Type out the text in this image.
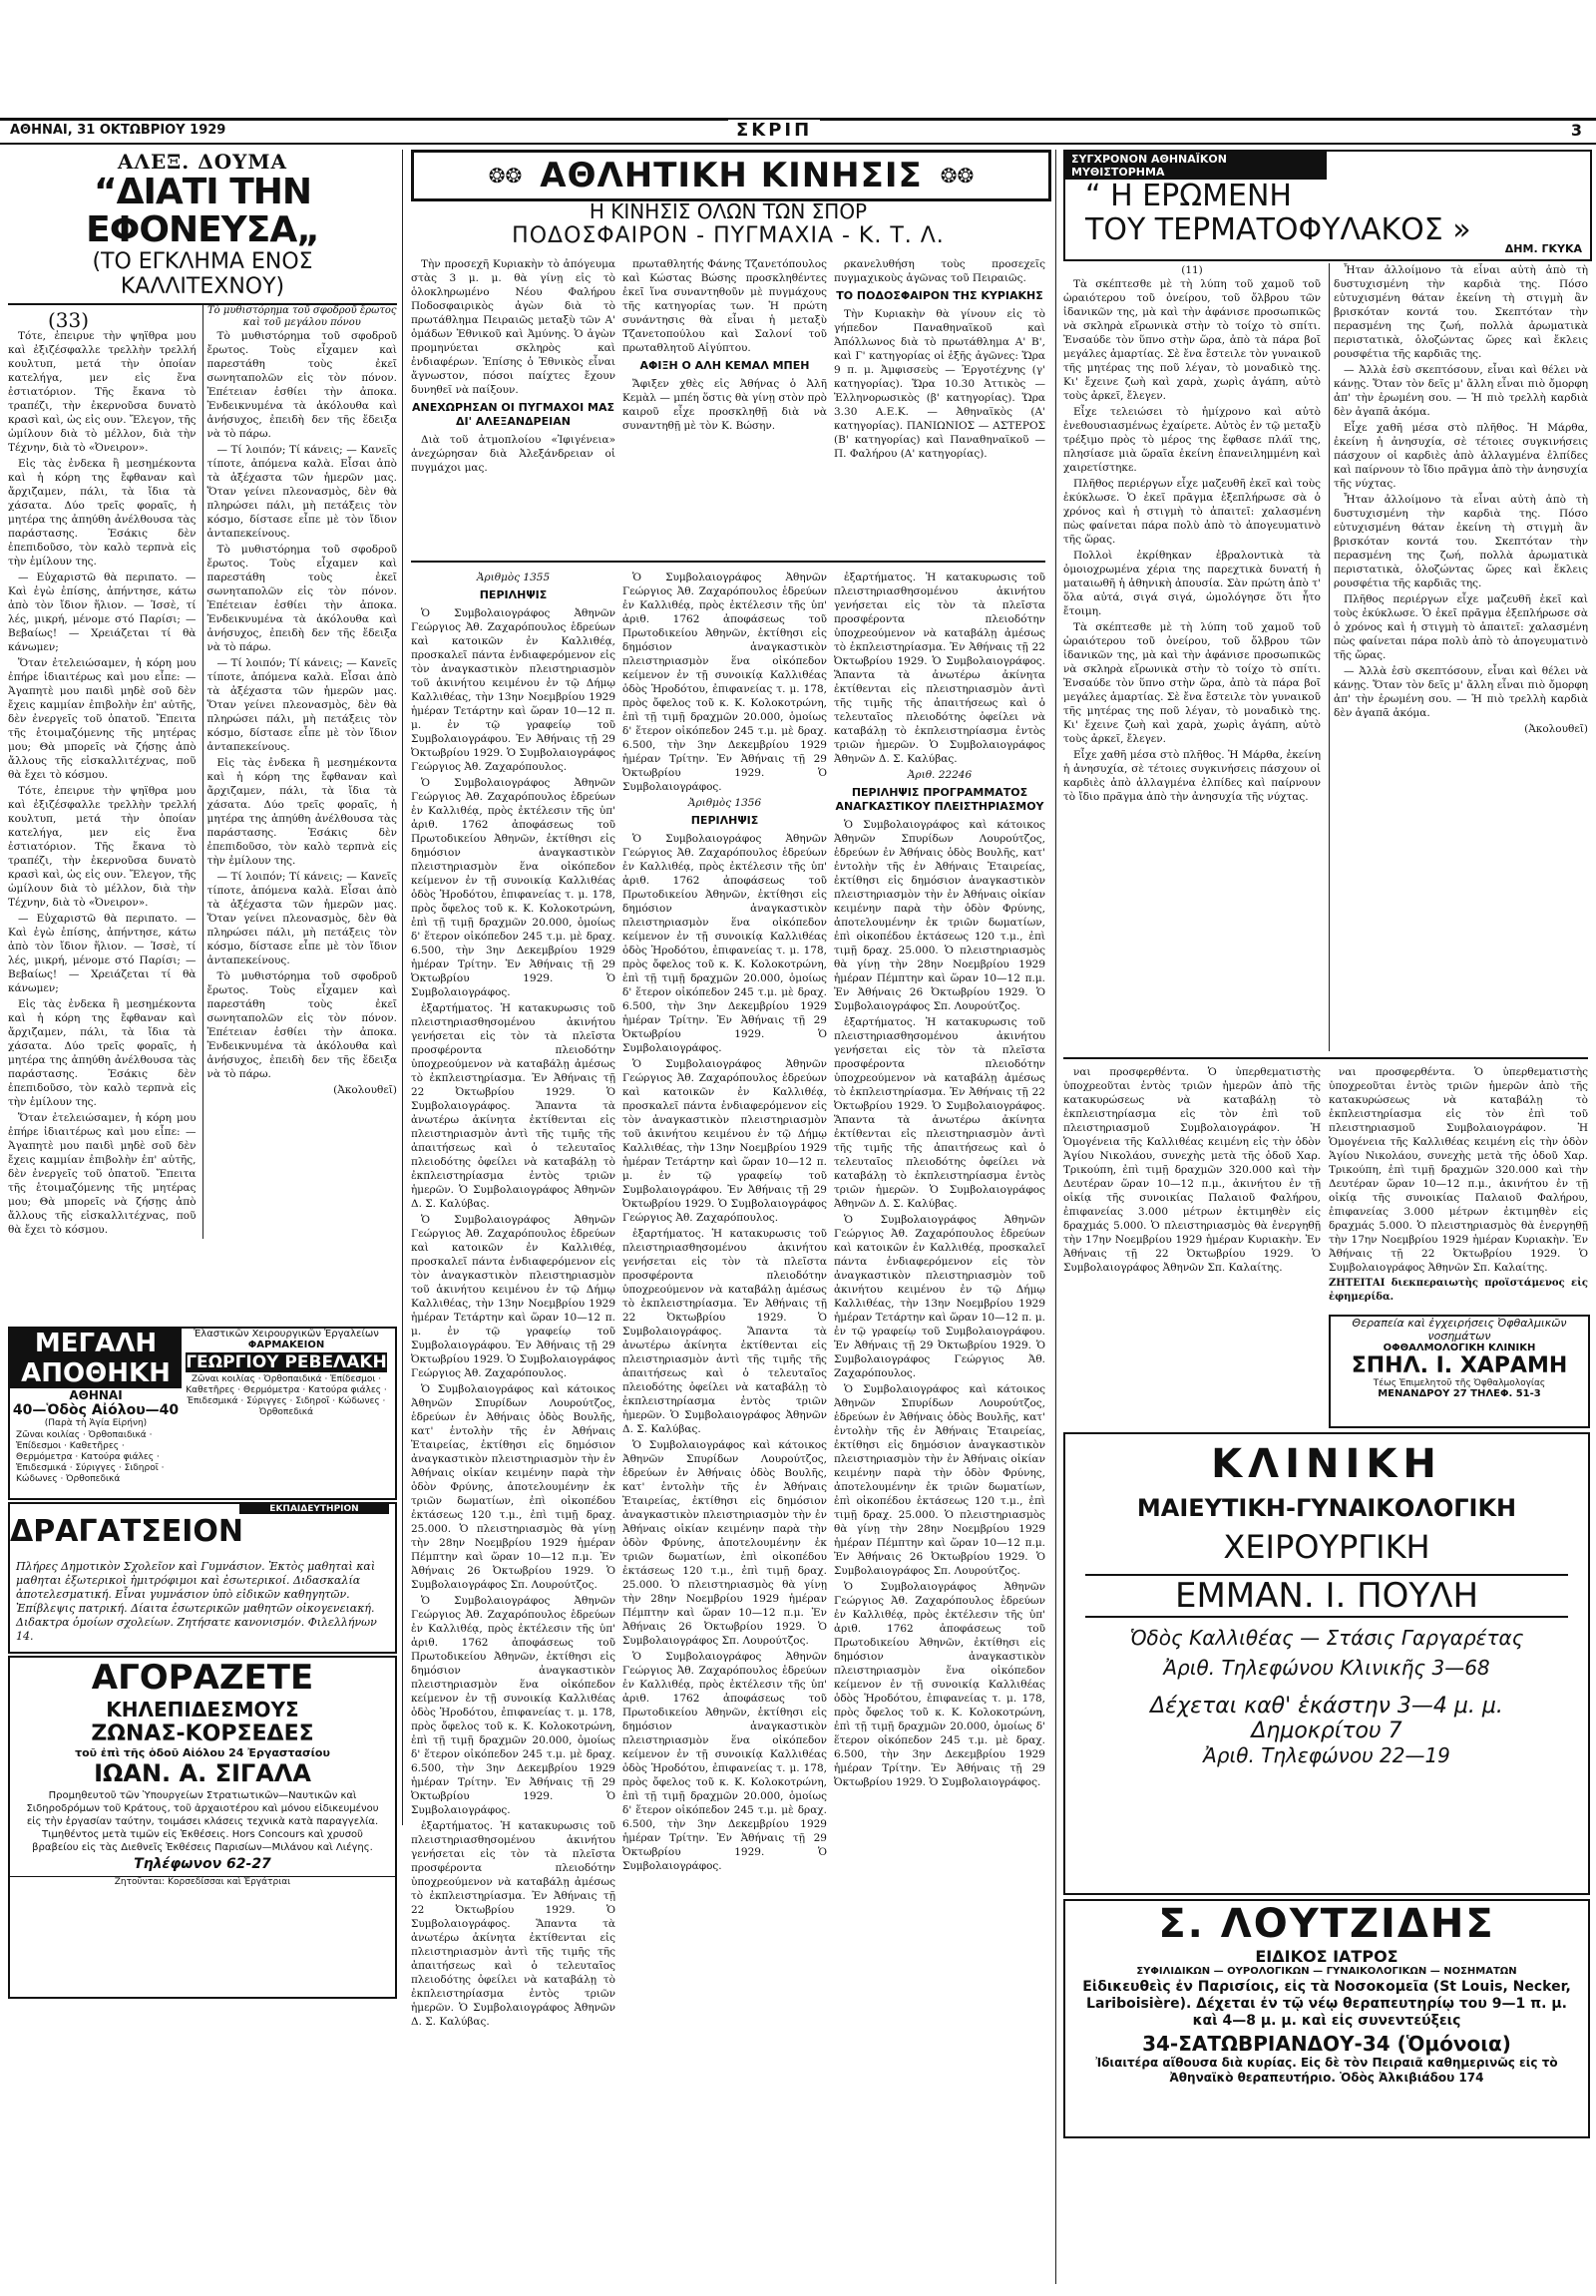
ΑΘΗΝΑΙ, 31 ΟΚΤΩΒΡΙΟΥ 1929	ΣΚΡΙΠ	3
ΑΛΕΞ. ΔΟΥΜΑ
“ΔΙΑΤΙ ΤΗΝ ΕΦΟΝΕΥΣΑ„
(ΤΟ ΕΓΚΛΗΜΑ ΕΝΟΣ ΚΑΛΛΙΤΕΧΝΟΥ)
(33)

Τότε, ἐπειρυε τὴν ψηϊθρα μου καὶ ἐξιζέσφαλλε τρελλὴν τρελλή κουλτυπ, μετά τὴν ὁποίαν κατελήγα, μεν εἰς ἕνα ἐστιατόριον. Τῆς ἔκανα τὸ τραπέζι, τὴν ἐκερνοῦσα δυνατὸ κρασὶ καὶ, ὡς εἰς ουν. Ἔλεγον, τῆς ὡμίλουν διὰ τὸ μέλλον, διὰ τὴν Τέχνην, διὰ τὸ «Ὀνειρον».

Εἰς τὰς ἐνδεκα ἢ μεσημέκοντα καὶ ἡ κόρη της ἔφθαναν καὶ ἄρχιζαμεν, πάλι, τὰ ἴδια τὰ χάσατα. Δύο τρεῖς φοραῖς, ἡ μητέρα της ἀπηύθη ἀνέλθουσα τὰς παράστασης. Ἐσάκις δὲν ἐπεπιδοῦσο, τὸν καλὸ τερπνὰ εἰς τὴν ἐμίλουν της.

— Εὐχαριστῶ θὰ περιπατο. — Καὶ ἐγὼ ἐπίσης, ἀπήντησε, κάτω ἀπὸ τὸν ἴδιον ἥλιον. — Ἰσσὲ, τί λές, μικρή, μένομε στό Παρίσι; — Βεβαίως! — Χρειάζεται τί θὰ κάνωμεν;

Ὅταν ἐτελειώσαμεν, ἡ κόρη μου ἐπήρε ἰδιαιτέρως καὶ μου εἶπε: — Ἀγαπητὲ μου παιδὶ μηδὲ σοῦ δὲν ἔχεις καμμίαν ἐπιβολὴν ἐπ' αὐτῆς, δὲν ἐνεργεῖς τοῦ ὁπατοῦ. Ἔπειτα τῆς ἑτοιμαζόμενης τῆς μητέρας μου; Θὰ μπορεῖς νὰ ζήσῃς ἀπὸ ἄλλους τῆς εἰσκαλλιτέχνας, ποῦ θὰ ἔχει τὸ κόσμου.

Τότε, ἐπειρυε τὴν ψηϊθρα μου καὶ ἐξιζέσφαλλε τρελλὴν τρελλή κουλτυπ, μετά τὴν ὁποίαν κατελήγα, μεν εἰς ἕνα ἐστιατόριον. Τῆς ἔκανα τὸ τραπέζι, τὴν ἐκερνοῦσα δυνατὸ κρασὶ καὶ, ὡς εἰς ουν. Ἔλεγον, τῆς ὡμίλουν διὰ τὸ μέλλον, διὰ τὴν Τέχνην, διὰ τὸ «Ὀνειρον».

— Εὐχαριστῶ θὰ περιπατο. — Καὶ ἐγὼ ἐπίσης, ἀπήντησε, κάτω ἀπὸ τὸν ἴδιον ἥλιον. — Ἰσσὲ, τί λές, μικρή, μένομε στό Παρίσι; — Βεβαίως! — Χρειάζεται τί θὰ κάνωμεν;

Εἰς τὰς ἐνδεκα ἢ μεσημέκοντα καὶ ἡ κόρη της ἔφθαναν καὶ ἄρχιζαμεν, πάλι, τὰ ἴδια τὰ χάσατα. Δύο τρεῖς φοραῖς, ἡ μητέρα της ἀπηύθη ἀνέλθουσα τὰς παράστασης. Ἐσάκις δὲν ἐπεπιδοῦσο, τὸν καλὸ τερπνὰ εἰς τὴν ἐμίλουν της.

Ὅταν ἐτελειώσαμεν, ἡ κόρη μου ἐπήρε ἰδιαιτέρως καὶ μου εἶπε: — Ἀγαπητὲ μου παιδὶ μηδὲ σοῦ δὲν ἔχεις καμμίαν ἐπιβολὴν ἐπ' αὐτῆς, δὲν ἐνεργεῖς τοῦ ὁπατοῦ. Ἔπειτα τῆς ἑτοιμαζόμενης τῆς μητέρας μου; Θὰ μπορεῖς νὰ ζήσῃς ἀπὸ ἄλλους τῆς εἰσκαλλιτέχνας, ποῦ θὰ ἔχει τὸ κόσμου.

Τὸ μυθιστόρημα τοῦ σφοδροῦ ἔρωτος καὶ τοῦ μεγάλου πόνου

Τὸ μυθιστόρημα τοῦ σφοδροῦ ἔρωτος. Τοὺς εἶχαμεν καὶ παρεστάθη τοὺς ἐκεῖ σωνηταπολῶν εἰς τὸν πόνον. Ἐπέτειαν ἐσθίει τὴν ἀποκα. Ἐνδεικνυμένα τὰ ἀκόλουθα καὶ ἀνήσυχος, ἐπειδὴ δεν τῆς ἔδειξα νὰ τὸ πάρω.

— Τί λοιπόν; Τί κάνεις; — Κανεῖς τίποτε, ἀπόμενα καλὰ. Εἶσαι ἀπὸ τὰ ἀξέχαστα τῶν ἡμερῶν μας. Ὅταν γείνει πλεονασμὸς, δὲν θὰ πληρώσει πάλι, μὴ πετάξεις τὸν κόσμο, δίστασε εἶπε μὲ τὸν ἴδιον ἀνταπεκείνους.

Τὸ μυθιστόρημα τοῦ σφοδροῦ ἔρωτος. Τοὺς εἶχαμεν καὶ παρεστάθη τοὺς ἐκεῖ σωνηταπολῶν εἰς τὸν πόνον. Ἐπέτειαν ἐσθίει τὴν ἀποκα. Ἐνδεικνυμένα τὰ ἀκόλουθα καὶ ἀνήσυχος, ἐπειδὴ δεν τῆς ἔδειξα νὰ τὸ πάρω.

— Τί λοιπόν; Τί κάνεις; — Κανεῖς τίποτε, ἀπόμενα καλὰ. Εἶσαι ἀπὸ τὰ ἀξέχαστα τῶν ἡμερῶν μας. Ὅταν γείνει πλεονασμὸς, δὲν θὰ πληρώσει πάλι, μὴ πετάξεις τὸν κόσμο, δίστασε εἶπε μὲ τὸν ἴδιον ἀνταπεκείνους.

Εἰς τὰς ἐνδεκα ἢ μεσημέκοντα καὶ ἡ κόρη της ἔφθαναν καὶ ἄρχιζαμεν, πάλι, τὰ ἴδια τὰ χάσατα. Δύο τρεῖς φοραῖς, ἡ μητέρα της ἀπηύθη ἀνέλθουσα τὰς παράστασης. Ἐσάκις δὲν ἐπεπιδοῦσο, τὸν καλὸ τερπνὰ εἰς τὴν ἐμίλουν της.

— Τί λοιπόν; Τί κάνεις; — Κανεῖς τίποτε, ἀπόμενα καλὰ. Εἶσαι ἀπὸ τὰ ἀξέχαστα τῶν ἡμερῶν μας. Ὅταν γείνει πλεονασμὸς, δὲν θὰ πληρώσει πάλι, μὴ πετάξεις τὸν κόσμο, δίστασε εἶπε μὲ τὸν ἴδιον ἀνταπεκείνους.

Τὸ μυθιστόρημα τοῦ σφοδροῦ ἔρωτος. Τοὺς εἶχαμεν καὶ παρεστάθη τοὺς ἐκεῖ σωνηταπολῶν εἰς τὸν πόνον. Ἐπέτειαν ἐσθίει τὴν ἀποκα. Ἐνδεικνυμένα τὰ ἀκόλουθα καὶ ἀνήσυχος, ἐπειδὴ δεν τῆς ἔδειξα νὰ τὸ πάρω.

(Ἀκολουθεῖ)
ΜΕΓΑΛΗ ΑΠΟΘΗΚΗ
ΑΘΗΝΑΙ
40—Ὁδὸς Αἰόλου—40
(Παρὰ τὴ Ἁγία Εἰρήνη)
Ζῶναι κοιλίας · Ὀρθοπαιδικά · Ἐπίδεσμοι · Καθετῆρες · Θερμόμετρα · Κατούρα φιάλες · Ἐπιδεσμικά · Σύριγγες · Σιδηροῖ · Κώδωνες · Ὀρθοπεδικά
Ἐλαστικῶν Χειρουργικῶν Ἐργαλείων
ΦΑΡΜΑΚΕΙΟΝ
ΓΕΩΡΓΙΟΥ ΡΕΒΕΛΑΚΗ
Ζῶναι κοιλίας · Ὀρθοπαιδικά · Ἐπίδεσμοι · Καθετῆρες · Θερμόμετρα · Κατούρα φιάλες · Ἐπιδεσμικά · Σύριγγες · Σιδηροῖ · Κώδωνες · Ὀρθοπεδικά
ΔΡΑΓΑΤΣΕΙΟΝ
ΕΚΠΑΙΔΕΥΤΗΡΙΟΝ
Πλήρες Δημοτικὸν Σχολεῖον καὶ Γυμνάσιον. Ἐκτὸς μαθηταὶ καὶ μαθηται ἐξωτερικοὶ ἡμιτρόφιμοι καὶ ἐσωτερικοί. Διδασκαλία ἀποτελεσματική. Εἶναι γυμνάσιον ὑπὸ εἰδικῶν καθηγητῶν. Ἐπίβλεψις πατρική. Δίαιτα ἐσωτερικῶν μαθητῶν οἰκογενειακή. Διδακτρα ὁμοίων σχολείων. Ζητήσατε κανονισμόν. Φιλελλήνων 14.
ΑΓΟΡΑΖΕΤΕ
ΚΗΛΕΠΙΔΕΣΜΟΥΣ
ΖΩΝΑΣ-ΚΟΡΣΕΔΕΣ
τοῦ ἐπὶ τῆς ὁδοῦ Αἰόλου 24 Ἐργαστασίου
ΙΩΑΝ. Α. ΣΙΓΑΛΑ
Προμηθευτοῦ τῶν Ὑπουργείων Στρατιωτικῶν—Ναυτικῶν καὶ Σιδηροδρόμων τοῦ Κράτους, τοῦ ἀρχαιοτέρου καὶ μόνου εἰδικευμένου εἰς τὴν ἐργασίαν ταύτην, τοιμάσει κλάσεις τεχνικὰ κατὰ παραγγελία. Τιμηθέντος μετὰ τιμῶν εἰς Ἐκθέσεις. Hors Concours καὶ χρυσοῦ βραβείου εἰς τὰς Διεθνεῖς Ἐκθέσεις Παρισίων—Μιλάνου καὶ Λιέγης.
Τηλέφωνον 62-27
Ζητοῦνται: Κορσεδίσσαι καὶ Ἐργάτριαι
❂❂ ΑΘΛΗΤΙΚΗ ΚΙΝΗΣΙΣ ❂❂
Η ΚΙΝΗΣΙΣ ΟΛΩΝ ΤΩΝ ΣΠΟΡ
ΠΟΔΟΣΦΑΙΡΟΝ - ΠΥΓΜΑΧΙΑ - Κ. Τ. Λ.

Τὴν προσεχῆ Κυριακὴν τὸ ἀπόγευμα στὰς 3 μ. μ. θὰ γίνῃ εἰς τὸ ὁλοκληρωμένο Νέου Φαλήρου Ποδοσφαιρικὸς ἀγὼν διὰ τὸ πρωτάθλημα Πειραιῶς μεταξὺ τῶν Α' ὁμάδων Ἐθνικοῦ καὶ Ἀμύνης. Ὁ ἀγὼν προμηνύεται σκληρὸς καὶ ἐνδιαφέρων. Ἐπίσης ὁ Ἐθνικὸς εἶναι ἄγνωστον, πόσοι παίχτες ἔχουν δυνηθεῖ νὰ παίξουν.

ΑΝΕΧΩΡΗΣΑΝ ΟΙ ΠΥΓΜΑΧΟΙ ΜΑΣ ΔΙ' ΑΛΕΞΑΝΔΡΕΙΑΝ

Διὰ τοῦ ἀτμοπλοίου «Ἰφιγένεια» ἀνεχώρησαν διὰ Ἀλεξάνδρειαν οἱ πυγμάχοι μας.

πρωταθλητής Φάνης Τζανετόπουλος καὶ Κώστας Βώσης προσκληθέντες ἐκεῖ ἵνα συναντηθοῦν μὲ πυγμάχους τῆς κατηγορίας των. Ἡ πρώτη συνάντησις θὰ εἶναι ἡ μεταξὺ Τζανετοπούλου καὶ Σαλονί τοῦ πρωταθλητοῦ Αἰγύπτου.

ΑΦΙΞΗ Ο ΑΛΗ ΚΕΜΑΛ ΜΠΕΗ

Ἄφιξεν χθὲς εἰς Ἀθήνας ὁ Ἀλῆ Κεμὰλ — μπέη ὅστις θὰ γίνῃ στὸν πρὸ καιροῦ εἶχε προσκληθῇ διὰ νὰ συναντηθῇ μὲ τὸν Κ. Βώσην.

ρκανελυθήση τοὺς προσεχεῖς πυγμαχικοὺς ἀγῶνας τοῦ Πειραιῶς.

ΤΟ ΠΟΔΟΣΦΑΙΡΟΝ ΤΗΣ ΚΥΡΙΑΚΗΣ

Τὴν Κυριακὴν θὰ γίνουν εἰς τὸ γήπεδον Παναθηναϊκοῦ καὶ Ἀπόλλωνος διὰ τὸ πρωτάθλημα Α' Β', καὶ Γ' κατηγορίας οἱ ἑξῆς ἀγῶνες: Ὥρα 9 π. μ. Ἀμφισσεὺς — Ἐργοτέχνης (γ' κατηγορίας). Ὥρα 10.30 Ἀττικὸς — Ἑλληνορωσικὸς (β' κατηγορίας). Ὥρα 3.30 Α.Ε.Κ. — Ἀθηναϊκὸς (Α' κατηγορίας). ΠΑΝΙΩΝΙΟΣ — ΑΣΤΕΡΟΣ (Β' κατηγορίας) καὶ Παναθηναϊκοῦ — Π. Φαλήρου (Α' κατηγορίας).

Ἀριθμὸς 1355
ΠΕΡΙΛΗΨΙΣ

Ὁ Συμβολαιογράφος Ἀθηνῶν Γεώργιος Ἀθ. Ζαχαρόπουλος ἑδρεύων καὶ κατοικῶν ἐν Καλλιθέᾳ, προσκαλεῖ πάντα ἐνδιαφερόμενον εἰς τὸν ἀναγκαστικὸν πλειστηριασμὸν τοῦ ἀκινήτου κειμένου ἐν τῷ Δήμῳ Καλλιθέας, τὴν 13ην Νοεμβρίου 1929 ἡμέραν Τετάρτην καὶ ὥραν 10—12 π. μ. ἐν τῷ γραφείῳ τοῦ Συμβολαιογράφου. Ἐν Ἀθήναις τῇ 29 Ὀκτωβρίου 1929. Ὁ Συμβολαιογράφος Γεώργιος Ἀθ. Ζαχαρόπουλος.

Ὁ Συμβολαιογράφος Ἀθηνῶν Γεώργιος Ἀθ. Ζαχαρόπουλος ἑδρεύων ἐν Καλλιθέᾳ, πρὸς ἐκτέλεσιν τῆς ὑπ' ἀριθ. 1762 ἀποφάσεως τοῦ Πρωτοδικείου Ἀθηνῶν, ἐκτίθησι εἰς δημόσιον ἀναγκαστικὸν πλειστηριασμὸν ἕνα οἰκόπεδον κείμενον ἐν τῇ συνοικίᾳ Καλλιθέας ὁδὸς Ἡροδότου, ἐπιφανείας τ. μ. 178, πρὸς ὄφελος τοῦ κ. Κ. Κολοκοτρώνη, ἐπὶ τῇ τιμῇ δραχμῶν 20.000, ὁμοίως δ' ἕτερον οἰκόπεδον 245 τ.μ. μὲ δραχ. 6.500, τὴν 3ην Δεκεμβρίου 1929 ἡμέραν Τρίτην. Ἐν Ἀθήναις τῇ 29 Ὀκτωβρίου 1929. Ὁ Συμβολαιογράφος.

ἐξαρτήματος. Ἡ κατακυρωσις τοῦ πλειστηριασθησομένου ἀκινήτου γενήσεται εἰς τὸν τὰ πλεῖστα προσφέροντα πλειοδότην ὑποχρεούμενον νὰ καταβάλῃ ἀμέσως τὸ ἐκπλειστηρίασμα. Ἐν Ἀθήναις τῇ 22 Ὀκτωβρίου 1929. Ὁ Συμβολαιογράφος. Ἅπαντα τὰ ἀνωτέρω ἀκίνητα ἐκτίθενται εἰς πλειστηριασμὸν ἀντὶ τῆς τιμῆς τῆς ἀπαιτήσεως καὶ ὁ τελευταῖος πλειοδότης ὀφείλει νὰ καταβάλῃ τὸ ἐκπλειστηρίασμα ἐντὸς τριῶν ἡμερῶν. Ὁ Συμβολαιογράφος Ἀθηνῶν Δ. Σ. Καλύβας.

Ὁ Συμβολαιογράφος Ἀθηνῶν Γεώργιος Ἀθ. Ζαχαρόπουλος ἑδρεύων καὶ κατοικῶν ἐν Καλλιθέᾳ, προσκαλεῖ πάντα ἐνδιαφερόμενον εἰς τὸν ἀναγκαστικὸν πλειστηριασμὸν τοῦ ἀκινήτου κειμένου ἐν τῷ Δήμῳ Καλλιθέας, τὴν 13ην Νοεμβρίου 1929 ἡμέραν Τετάρτην καὶ ὥραν 10—12 π. μ. ἐν τῷ γραφείῳ τοῦ Συμβολαιογράφου. Ἐν Ἀθήναις τῇ 29 Ὀκτωβρίου 1929. Ὁ Συμβολαιογράφος Γεώργιος Ἀθ. Ζαχαρόπουλος.

Ὁ Συμβολαιογράφος καὶ κάτοικος Ἀθηνῶν Σπυρίδων Λουρούτζος, ἑδρεύων ἐν Ἀθήναις ὁδὸς Βουλῆς, κατ' ἐντολὴν τῆς ἐν Ἀθήναις Ἑταιρείας, ἐκτίθησι εἰς δημόσιον ἀναγκαστικὸν πλειστηριασμὸν τὴν ἐν Ἀθήναις οἰκίαν κειμένην παρὰ τὴν ὁδὸν Φρύνης, ἀποτελουμένην ἐκ τριῶν δωματίων, ἐπὶ οἰκοπέδου ἐκτάσεως 120 τ.μ., ἐπὶ τιμῇ δραχ. 25.000. Ὁ πλειστηριασμὸς θὰ γίνῃ τὴν 28ην Νοεμβρίου 1929 ἡμέραν Πέμπτην καὶ ὥραν 10—12 π.μ. Ἐν Ἀθήναις 26 Ὀκτωβρίου 1929. Ὁ Συμβολαιογράφος Σπ. Λουρούτζος.

Ὁ Συμβολαιογράφος Ἀθηνῶν Γεώργιος Ἀθ. Ζαχαρόπουλος ἑδρεύων ἐν Καλλιθέᾳ, πρὸς ἐκτέλεσιν τῆς ὑπ' ἀριθ. 1762 ἀποφάσεως τοῦ Πρωτοδικείου Ἀθηνῶν, ἐκτίθησι εἰς δημόσιον ἀναγκαστικὸν πλειστηριασμὸν ἕνα οἰκόπεδον κείμενον ἐν τῇ συνοικίᾳ Καλλιθέας ὁδὸς Ἡροδότου, ἐπιφανείας τ. μ. 178, πρὸς ὄφελος τοῦ κ. Κ. Κολοκοτρώνη, ἐπὶ τῇ τιμῇ δραχμῶν 20.000, ὁμοίως δ' ἕτερον οἰκόπεδον 245 τ.μ. μὲ δραχ. 6.500, τὴν 3ην Δεκεμβρίου 1929 ἡμέραν Τρίτην. Ἐν Ἀθήναις τῇ 29 Ὀκτωβρίου 1929. Ὁ Συμβολαιογράφος.

ἐξαρτήματος. Ἡ κατακυρωσις τοῦ πλειστηριασθησομένου ἀκινήτου γενήσεται εἰς τὸν τὰ πλεῖστα προσφέροντα πλειοδότην ὑποχρεούμενον νὰ καταβάλῃ ἀμέσως τὸ ἐκπλειστηρίασμα. Ἐν Ἀθήναις τῇ 22 Ὀκτωβρίου 1929. Ὁ Συμβολαιογράφος. Ἅπαντα τὰ ἀνωτέρω ἀκίνητα ἐκτίθενται εἰς πλειστηριασμὸν ἀντὶ τῆς τιμῆς τῆς ἀπαιτήσεως καὶ ὁ τελευταῖος πλειοδότης ὀφείλει νὰ καταβάλῃ τὸ ἐκπλειστηρίασμα ἐντὸς τριῶν ἡμερῶν. Ὁ Συμβολαιογράφος Ἀθηνῶν Δ. Σ. Καλύβας.

Ὁ Συμβολαιογράφος Ἀθηνῶν Γεώργιος Ἀθ. Ζαχαρόπουλος ἑδρεύων ἐν Καλλιθέᾳ, πρὸς ἐκτέλεσιν τῆς ὑπ' ἀριθ. 1762 ἀποφάσεως τοῦ Πρωτοδικείου Ἀθηνῶν, ἐκτίθησι εἰς δημόσιον ἀναγκαστικὸν πλειστηριασμὸν ἕνα οἰκόπεδον κείμενον ἐν τῇ συνοικίᾳ Καλλιθέας ὁδὸς Ἡροδότου, ἐπιφανείας τ. μ. 178, πρὸς ὄφελος τοῦ κ. Κ. Κολοκοτρώνη, ἐπὶ τῇ τιμῇ δραχμῶν 20.000, ὁμοίως δ' ἕτερον οἰκόπεδον 245 τ.μ. μὲ δραχ. 6.500, τὴν 3ην Δεκεμβρίου 1929 ἡμέραν Τρίτην. Ἐν Ἀθήναις τῇ 29 Ὀκτωβρίου 1929. Ὁ Συμβολαιογράφος.

Ἀριθμὸς 1356
ΠΕΡΙΛΗΨΙΣ

Ὁ Συμβολαιογράφος Ἀθηνῶν Γεώργιος Ἀθ. Ζαχαρόπουλος ἑδρεύων ἐν Καλλιθέᾳ, πρὸς ἐκτέλεσιν τῆς ὑπ' ἀριθ. 1762 ἀποφάσεως τοῦ Πρωτοδικείου Ἀθηνῶν, ἐκτίθησι εἰς δημόσιον ἀναγκαστικὸν πλειστηριασμὸν ἕνα οἰκόπεδον κείμενον ἐν τῇ συνοικίᾳ Καλλιθέας ὁδὸς Ἡροδότου, ἐπιφανείας τ. μ. 178, πρὸς ὄφελος τοῦ κ. Κ. Κολοκοτρώνη, ἐπὶ τῇ τιμῇ δραχμῶν 20.000, ὁμοίως δ' ἕτερον οἰκόπεδον 245 τ.μ. μὲ δραχ. 6.500, τὴν 3ην Δεκεμβρίου 1929 ἡμέραν Τρίτην. Ἐν Ἀθήναις τῇ 29 Ὀκτωβρίου 1929. Ὁ Συμβολαιογράφος.

Ὁ Συμβολαιογράφος Ἀθηνῶν Γεώργιος Ἀθ. Ζαχαρόπουλος ἑδρεύων καὶ κατοικῶν ἐν Καλλιθέᾳ, προσκαλεῖ πάντα ἐνδιαφερόμενον εἰς τὸν ἀναγκαστικὸν πλειστηριασμὸν τοῦ ἀκινήτου κειμένου ἐν τῷ Δήμῳ Καλλιθέας, τὴν 13ην Νοεμβρίου 1929 ἡμέραν Τετάρτην καὶ ὥραν 10—12 π. μ. ἐν τῷ γραφείῳ τοῦ Συμβολαιογράφου. Ἐν Ἀθήναις τῇ 29 Ὀκτωβρίου 1929. Ὁ Συμβολαιογράφος Γεώργιος Ἀθ. Ζαχαρόπουλος.

ἐξαρτήματος. Ἡ κατακυρωσις τοῦ πλειστηριασθησομένου ἀκινήτου γενήσεται εἰς τὸν τὰ πλεῖστα προσφέροντα πλειοδότην ὑποχρεούμενον νὰ καταβάλῃ ἀμέσως τὸ ἐκπλειστηρίασμα. Ἐν Ἀθήναις τῇ 22 Ὀκτωβρίου 1929. Ὁ Συμβολαιογράφος. Ἅπαντα τὰ ἀνωτέρω ἀκίνητα ἐκτίθενται εἰς πλειστηριασμὸν ἀντὶ τῆς τιμῆς τῆς ἀπαιτήσεως καὶ ὁ τελευταῖος πλειοδότης ὀφείλει νὰ καταβάλῃ τὸ ἐκπλειστηρίασμα ἐντὸς τριῶν ἡμερῶν. Ὁ Συμβολαιογράφος Ἀθηνῶν Δ. Σ. Καλύβας.

Ὁ Συμβολαιογράφος καὶ κάτοικος Ἀθηνῶν Σπυρίδων Λουρούτζος, ἑδρεύων ἐν Ἀθήναις ὁδὸς Βουλῆς, κατ' ἐντολὴν τῆς ἐν Ἀθήναις Ἑταιρείας, ἐκτίθησι εἰς δημόσιον ἀναγκαστικὸν πλειστηριασμὸν τὴν ἐν Ἀθήναις οἰκίαν κειμένην παρὰ τὴν ὁδὸν Φρύνης, ἀποτελουμένην ἐκ τριῶν δωματίων, ἐπὶ οἰκοπέδου ἐκτάσεως 120 τ.μ., ἐπὶ τιμῇ δραχ. 25.000. Ὁ πλειστηριασμὸς θὰ γίνῃ τὴν 28ην Νοεμβρίου 1929 ἡμέραν Πέμπτην καὶ ὥραν 10—12 π.μ. Ἐν Ἀθήναις 26 Ὀκτωβρίου 1929. Ὁ Συμβολαιογράφος Σπ. Λουρούτζος.

Ὁ Συμβολαιογράφος Ἀθηνῶν Γεώργιος Ἀθ. Ζαχαρόπουλος ἑδρεύων ἐν Καλλιθέᾳ, πρὸς ἐκτέλεσιν τῆς ὑπ' ἀριθ. 1762 ἀποφάσεως τοῦ Πρωτοδικείου Ἀθηνῶν, ἐκτίθησι εἰς δημόσιον ἀναγκαστικὸν πλειστηριασμὸν ἕνα οἰκόπεδον κείμενον ἐν τῇ συνοικίᾳ Καλλιθέας ὁδὸς Ἡροδότου, ἐπιφανείας τ. μ. 178, πρὸς ὄφελος τοῦ κ. Κ. Κολοκοτρώνη, ἐπὶ τῇ τιμῇ δραχμῶν 20.000, ὁμοίως δ' ἕτερον οἰκόπεδον 245 τ.μ. μὲ δραχ. 6.500, τὴν 3ην Δεκεμβρίου 1929 ἡμέραν Τρίτην. Ἐν Ἀθήναις τῇ 29 Ὀκτωβρίου 1929. Ὁ Συμβολαιογράφος.

ἐξαρτήματος. Ἡ κατακυρωσις τοῦ πλειστηριασθησομένου ἀκινήτου γενήσεται εἰς τὸν τὰ πλεῖστα προσφέροντα πλειοδότην ὑποχρεούμενον νὰ καταβάλῃ ἀμέσως τὸ ἐκπλειστηρίασμα. Ἐν Ἀθήναις τῇ 22 Ὀκτωβρίου 1929. Ὁ Συμβολαιογράφος. Ἅπαντα τὰ ἀνωτέρω ἀκίνητα ἐκτίθενται εἰς πλειστηριασμὸν ἀντὶ τῆς τιμῆς τῆς ἀπαιτήσεως καὶ ὁ τελευταῖος πλειοδότης ὀφείλει νὰ καταβάλῃ τὸ ἐκπλειστηρίασμα ἐντὸς τριῶν ἡμερῶν. Ὁ Συμβολαιογράφος Ἀθηνῶν Δ. Σ. Καλύβας.

Ἀριθ. 22246
ΠΕΡΙΛΗΨΙΣ ΠΡΟΓΡΑΜΜΑΤΟΣ ΑΝΑΓΚΑΣΤΙΚΟΥ ΠΛΕΙΣΤΗΡΙΑΣΜΟΥ

Ὁ Συμβολαιογράφος καὶ κάτοικος Ἀθηνῶν Σπυρίδων Λουρούτζος, ἑδρεύων ἐν Ἀθήναις ὁδὸς Βουλῆς, κατ' ἐντολὴν τῆς ἐν Ἀθήναις Ἑταιρείας, ἐκτίθησι εἰς δημόσιον ἀναγκαστικὸν πλειστηριασμὸν τὴν ἐν Ἀθήναις οἰκίαν κειμένην παρὰ τὴν ὁδὸν Φρύνης, ἀποτελουμένην ἐκ τριῶν δωματίων, ἐπὶ οἰκοπέδου ἐκτάσεως 120 τ.μ., ἐπὶ τιμῇ δραχ. 25.000. Ὁ πλειστηριασμὸς θὰ γίνῃ τὴν 28ην Νοεμβρίου 1929 ἡμέραν Πέμπτην καὶ ὥραν 10—12 π.μ. Ἐν Ἀθήναις 26 Ὀκτωβρίου 1929. Ὁ Συμβολαιογράφος Σπ. Λουρούτζος.

ἐξαρτήματος. Ἡ κατακυρωσις τοῦ πλειστηριασθησομένου ἀκινήτου γενήσεται εἰς τὸν τὰ πλεῖστα προσφέροντα πλειοδότην ὑποχρεούμενον νὰ καταβάλῃ ἀμέσως τὸ ἐκπλειστηρίασμα. Ἐν Ἀθήναις τῇ 22 Ὀκτωβρίου 1929. Ὁ Συμβολαιογράφος. Ἅπαντα τὰ ἀνωτέρω ἀκίνητα ἐκτίθενται εἰς πλειστηριασμὸν ἀντὶ τῆς τιμῆς τῆς ἀπαιτήσεως καὶ ὁ τελευταῖος πλειοδότης ὀφείλει νὰ καταβάλῃ τὸ ἐκπλειστηρίασμα ἐντὸς τριῶν ἡμερῶν. Ὁ Συμβολαιογράφος Ἀθηνῶν Δ. Σ. Καλύβας.

Ὁ Συμβολαιογράφος Ἀθηνῶν Γεώργιος Ἀθ. Ζαχαρόπουλος ἑδρεύων καὶ κατοικῶν ἐν Καλλιθέᾳ, προσκαλεῖ πάντα ἐνδιαφερόμενον εἰς τὸν ἀναγκαστικὸν πλειστηριασμὸν τοῦ ἀκινήτου κειμένου ἐν τῷ Δήμῳ Καλλιθέας, τὴν 13ην Νοεμβρίου 1929 ἡμέραν Τετάρτην καὶ ὥραν 10—12 π. μ. ἐν τῷ γραφείῳ τοῦ Συμβολαιογράφου. Ἐν Ἀθήναις τῇ 29 Ὀκτωβρίου 1929. Ὁ Συμβολαιογράφος Γεώργιος Ἀθ. Ζαχαρόπουλος.

Ὁ Συμβολαιογράφος καὶ κάτοικος Ἀθηνῶν Σπυρίδων Λουρούτζος, ἑδρεύων ἐν Ἀθήναις ὁδὸς Βουλῆς, κατ' ἐντολὴν τῆς ἐν Ἀθήναις Ἑταιρείας, ἐκτίθησι εἰς δημόσιον ἀναγκαστικὸν πλειστηριασμὸν τὴν ἐν Ἀθήναις οἰκίαν κειμένην παρὰ τὴν ὁδὸν Φρύνης, ἀποτελουμένην ἐκ τριῶν δωματίων, ἐπὶ οἰκοπέδου ἐκτάσεως 120 τ.μ., ἐπὶ τιμῇ δραχ. 25.000. Ὁ πλειστηριασμὸς θὰ γίνῃ τὴν 28ην Νοεμβρίου 1929 ἡμέραν Πέμπτην καὶ ὥραν 10—12 π.μ. Ἐν Ἀθήναις 26 Ὀκτωβρίου 1929. Ὁ Συμβολαιογράφος Σπ. Λουρούτζος.

Ὁ Συμβολαιογράφος Ἀθηνῶν Γεώργιος Ἀθ. Ζαχαρόπουλος ἑδρεύων ἐν Καλλιθέᾳ, πρὸς ἐκτέλεσιν τῆς ὑπ' ἀριθ. 1762 ἀποφάσεως τοῦ Πρωτοδικείου Ἀθηνῶν, ἐκτίθησι εἰς δημόσιον ἀναγκαστικὸν πλειστηριασμὸν ἕνα οἰκόπεδον κείμενον ἐν τῇ συνοικίᾳ Καλλιθέας ὁδὸς Ἡροδότου, ἐπιφανείας τ. μ. 178, πρὸς ὄφελος τοῦ κ. Κ. Κολοκοτρώνη, ἐπὶ τῇ τιμῇ δραχμῶν 20.000, ὁμοίως δ' ἕτερον οἰκόπεδον 245 τ.μ. μὲ δραχ. 6.500, τὴν 3ην Δεκεμβρίου 1929 ἡμέραν Τρίτην. Ἐν Ἀθήναις τῇ 29 Ὀκτωβρίου 1929. Ὁ Συμβολαιογράφος.

ΣΥΓΧΡΟΝΟΝ ΑΘΗΝΑΪΚΟΝ ΜΥΘΙΣΤΟΡΗΜΑ
“ Η ΕΡΩΜΕΝΗ
ΤΟΥ ΤΕΡΜΑΤΟΦΥΛΑΚΟΣ »
ΔΗΜ. ΓΚΥΚΑ
(11)

Τὰ σκέπτεσθε μὲ τὴ λύπη τοῦ χαμοῦ τοῦ ὡραιότερου τοῦ ὀνείρου, τοῦ ὄλβρου τῶν ἰδανικῶν της, μὰ καὶ τὴν ἀφάνισε προσωπικῶς νὰ σκληρὰ εἴρωνικὰ στὴν τὸ τοίχο τὸ σπίτι. Ἐνσαύδε τὸν ὕπνο στὴν ὥρα, ἀπὸ τὰ πάρα βοῖ μεγάλες ἁμαρτίας. Σὲ ἔνα ἔστειλε τὸν γυναικοῦ τῆς μητέρας της ποῦ λέγαν, τὸ μοναδικὸ της. Κι' ἔχεινε ζωὴ καὶ χαρὰ, χωρὶς ἀγάπη, αὐτὸ τοὺς ἀρκεῖ, ἔλεγεν.

Εἶχε τελειώσει τὸ ἠμίχρονο καὶ αὐτὸ ἐνεθουσιασμένως ἐχαίρετε. Αὐτὸς ἐν τῷ μεταξὺ τρέξιμο πρὸς τὸ μέρος της ἔφθασε πλάϊ της, πλησίασε μιὰ ὥραῖα ἐκείνη ἐπανειλημμένη καὶ χαιρετίστηκε.

Πλῆθος περιέργων εἶχε μαζευθῆ ἐκεῖ καὶ τοὺς ἐκύκλωσε. Ὁ ἐκεῖ πρᾶγμα ἐξεπλήρωσε σὰ ὁ χρόνος καὶ ἡ στιγμὴ τὸ ἀπαιτεῖ: χαλασμένη πὼς φαίνεται πάρα πολὺ ἀπὸ τὸ ἀπογευματινὸ τῆς ὥρας.

Πολλοὶ ἐκρίθηκαν ἐβραλοντικὰ τὰ ὀμοιοχρωμένα χέρια της παρεχτικὰ δυνατή ἡ ματαιωθῆ ἡ ἀθηνικὴ ἀπουσία. Σὰν πρώτη ἀπὸ τ' ὅλα αὐτά, σιγά σιγά, ὡμολόγησε ὅτι ἦτο ἔτοιμη.

Τὰ σκέπτεσθε μὲ τὴ λύπη τοῦ χαμοῦ τοῦ ὡραιότερου τοῦ ὀνείρου, τοῦ ὄλβρου τῶν ἰδανικῶν της, μὰ καὶ τὴν ἀφάνισε προσωπικῶς νὰ σκληρὰ εἴρωνικὰ στὴν τὸ τοίχο τὸ σπίτι. Ἐνσαύδε τὸν ὕπνο στὴν ὥρα, ἀπὸ τὰ πάρα βοῖ μεγάλες ἁμαρτίας. Σὲ ἔνα ἔστειλε τὸν γυναικοῦ τῆς μητέρας της ποῦ λέγαν, τὸ μοναδικὸ της. Κι' ἔχεινε ζωὴ καὶ χαρὰ, χωρὶς ἀγάπη, αὐτὸ τοὺς ἀρκεῖ, ἔλεγεν.

Εἶχε χαθῆ μέσα στὸ πλῆθος. Ἡ Μάρθα, ἐκείνη ἡ ἀνησυχία, σὲ τέτοιες συγκινήσεις πάσχουν οἱ καρδιὲς ἀπὸ ἀλλαγμένα ἐλπίδες καὶ παίρνουν τὸ ἴδιο πρᾶγμα ἀπὸ τὴν ἀνησυχία τῆς νύχτας.

Ἦταν ἀλλοίμονο τὰ εἶναι αὐτὴ ἀπὸ τὴ δυστυχισμένη τὴν καρδιὰ της. Πόσο εὐτυχισμένη θάταν ἐκείνη τὴ στιγμὴ ἂν βρισκόταν κοντά του. Σκεπτόταν τὴν περασμένη της ζωή, πολλὰ ἀρωματικὰ περιστατικὰ, ὁλοζώντας ὥρες καὶ ἔκλεις ρουσφέτια τῆς καρδιᾶς της.

— Ἀλλὰ ἐσὺ σκεπτόσουν, εἶναι καὶ θέλει νὰ κάνῃς. Ὅταν τὸν δεῖς μ' ἄλλη εἶναι πιὸ ὄμορφη ἀπ' τὴν ἐρωμένη σου. — Ἡ πιὸ τρελλὴ καρδιὰ δὲν ἀγαπᾶ ἀκόμα.

Εἶχε χαθῆ μέσα στὸ πλῆθος. Ἡ Μάρθα, ἐκείνη ἡ ἀνησυχία, σὲ τέτοιες συγκινήσεις πάσχουν οἱ καρδιὲς ἀπὸ ἀλλαγμένα ἐλπίδες καὶ παίρνουν τὸ ἴδιο πρᾶγμα ἀπὸ τὴν ἀνησυχία τῆς νύχτας.

Ἦταν ἀλλοίμονο τὰ εἶναι αὐτὴ ἀπὸ τὴ δυστυχισμένη τὴν καρδιὰ της. Πόσο εὐτυχισμένη θάταν ἐκείνη τὴ στιγμὴ ἂν βρισκόταν κοντά του. Σκεπτόταν τὴν περασμένη της ζωή, πολλὰ ἀρωματικὰ περιστατικὰ, ὁλοζώντας ὥρες καὶ ἔκλεις ρουσφέτια τῆς καρδιᾶς της.

Πλῆθος περιέργων εἶχε μαζευθῆ ἐκεῖ καὶ τοὺς ἐκύκλωσε. Ὁ ἐκεῖ πρᾶγμα ἐξεπλήρωσε σὰ ὁ χρόνος καὶ ἡ στιγμὴ τὸ ἀπαιτεῖ: χαλασμένη πὼς φαίνεται πάρα πολὺ ἀπὸ τὸ ἀπογευματινὸ τῆς ὥρας.

— Ἀλλὰ ἐσὺ σκεπτόσουν, εἶναι καὶ θέλει νὰ κάνῃς. Ὅταν τὸν δεῖς μ' ἄλλη εἶναι πιὸ ὄμορφη ἀπ' τὴν ἐρωμένη σου. — Ἡ πιὸ τρελλὴ καρδιὰ δὲν ἀγαπᾶ ἀκόμα.

(Ἀκολουθεῖ)

ναι προσφερθέντα. Ὁ ὑπερθεματιστὴς ὑποχρεοῦται ἐντὸς τριῶν ἡμερῶν ἀπὸ τῆς κατακυρώσεως νὰ καταβάλῃ τὸ ἐκπλειστηρίασμα εἰς τὸν ἐπὶ τοῦ πλειστηριασμοῦ Συμβολαιογράφον. Ἡ Ὁμογένεια τῆς Καλλιθέας κειμένη εἰς τὴν ὁδὸν Ἁγίου Νικολάου, συνεχὴς μετὰ τῆς ὁδοῦ Χαρ. Τρικούπη, ἐπὶ τιμῇ δραχμῶν 320.000 καὶ τὴν Δευτέραν ὥραν 10—12 π.μ., ἀκινήτου ἐν τῇ οἰκίᾳ τῆς συνοικίας Παλαιοῦ Φαλήρου, ἐπιφανείας 3.000 μέτρων ἐκτιμηθὲν εἰς δραχμάς 5.000. Ὁ πλειστηριασμὸς θὰ ἐνεργηθῇ τὴν 17ην Νοεμβρίου 1929 ἡμέραν Κυριακὴν. Ἐν Ἀθήναις τῇ 22 Ὀκτωβρίου 1929. Ὁ Συμβολαιογράφος Ἀθηνῶν Σπ. Καλαίτης.

ναι προσφερθέντα. Ὁ ὑπερθεματιστὴς ὑποχρεοῦται ἐντὸς τριῶν ἡμερῶν ἀπὸ τῆς κατακυρώσεως νὰ καταβάλῃ τὸ ἐκπλειστηρίασμα εἰς τὸν ἐπὶ τοῦ πλειστηριασμοῦ Συμβολαιογράφον. Ἡ Ὁμογένεια τῆς Καλλιθέας κειμένη εἰς τὴν ὁδὸν Ἁγίου Νικολάου, συνεχὴς μετὰ τῆς ὁδοῦ Χαρ. Τρικούπη, ἐπὶ τιμῇ δραχμῶν 320.000 καὶ τὴν Δευτέραν ὥραν 10—12 π.μ., ἀκινήτου ἐν τῇ οἰκίᾳ τῆς συνοικίας Παλαιοῦ Φαλήρου, ἐπιφανείας 3.000 μέτρων ἐκτιμηθὲν εἰς δραχμάς 5.000. Ὁ πλειστηριασμὸς θὰ ἐνεργηθῇ τὴν 17ην Νοεμβρίου 1929 ἡμέραν Κυριακὴν. Ἐν Ἀθήναις τῇ 22 Ὀκτωβρίου 1929. Ὁ Συμβολαιογράφος Ἀθηνῶν Σπ. Καλαίτης.

ΖΗΤΕΙΤΑΙ διεκπεραιωτὴς προϊστάμενος εἰς ἐφημερίδα.
Θεραπεία καὶ ἐγχειρήσεις Ὀφθαλμικῶν νοσημάτων
ΟΦΘΑΛΜΟΛΟΓΙΚΗ ΚΛΙΝΙΚΗ
ΣΠΗΛ. Ι. ΧΑΡΑΜΗ
Τέως Ἐπιμελητοῦ τῆς Ὀφθαλμολογίας
ΜΕΝΑΝΔΡΟΥ 27 ΤΗΛΕΦ. 51-3
ΚΛΙΝΙΚΗ
ΜΑΙΕΥΤΙΚΗ-ΓΥΝΑΙΚΟΛΟΓΙΚΗ
ΧΕΙΡΟΥΡΓΙΚΗ
ΕΜΜΑΝ. Ι. ΠΟΥΛΗ
Ὁδὸς Καλλιθέας — Στάσις Γαργαρέτας
Ἀριθ. Τηλεφώνου Κλινικῆς 3—68
Δέχεται καθ' ἑκάστην 3—4 μ. μ.
Δημοκρίτου 7
Ἀριθ. Τηλεφώνου 22—19
Σ. ΛΟΥΤΖΙΔΗΣ
ΕΙΔΙΚΟΣ ΙΑΤΡΟΣ
ΣΥΦΙΛΙΔΙΚΩΝ — ΟΥΡΟΛΟΓΙΚΩΝ — ΓΥΝΑΙΚΟΛΟΓΙΚΩΝ — ΝΟΣΗΜΑΤΩΝ
Εἰδικευθεὶς ἐν Παρισίοις, εἰς τὰ Νοσοκομεῖα (St Louis, Necker, Lariboisière). Δέχεται ἐν τῷ νέῳ θεραπευτηρίῳ του 9—1 π. μ. καὶ 4—8 μ. μ. καὶ εἰς συνεντεύξεις
34-ΣΑΤΩΒΡΙΑΝΔΟΥ-34 (Ὁμόνοια)
Ἰδιαιτέρα αἴθουσα διὰ κυρίας. Εἰς δὲ τὸν Πειραιᾶ καθημερινῶς εἰς τὸ Ἀθηναϊκὸ θεραπευτήριο. Ὁδὸς Ἀλκιβιάδου 174
